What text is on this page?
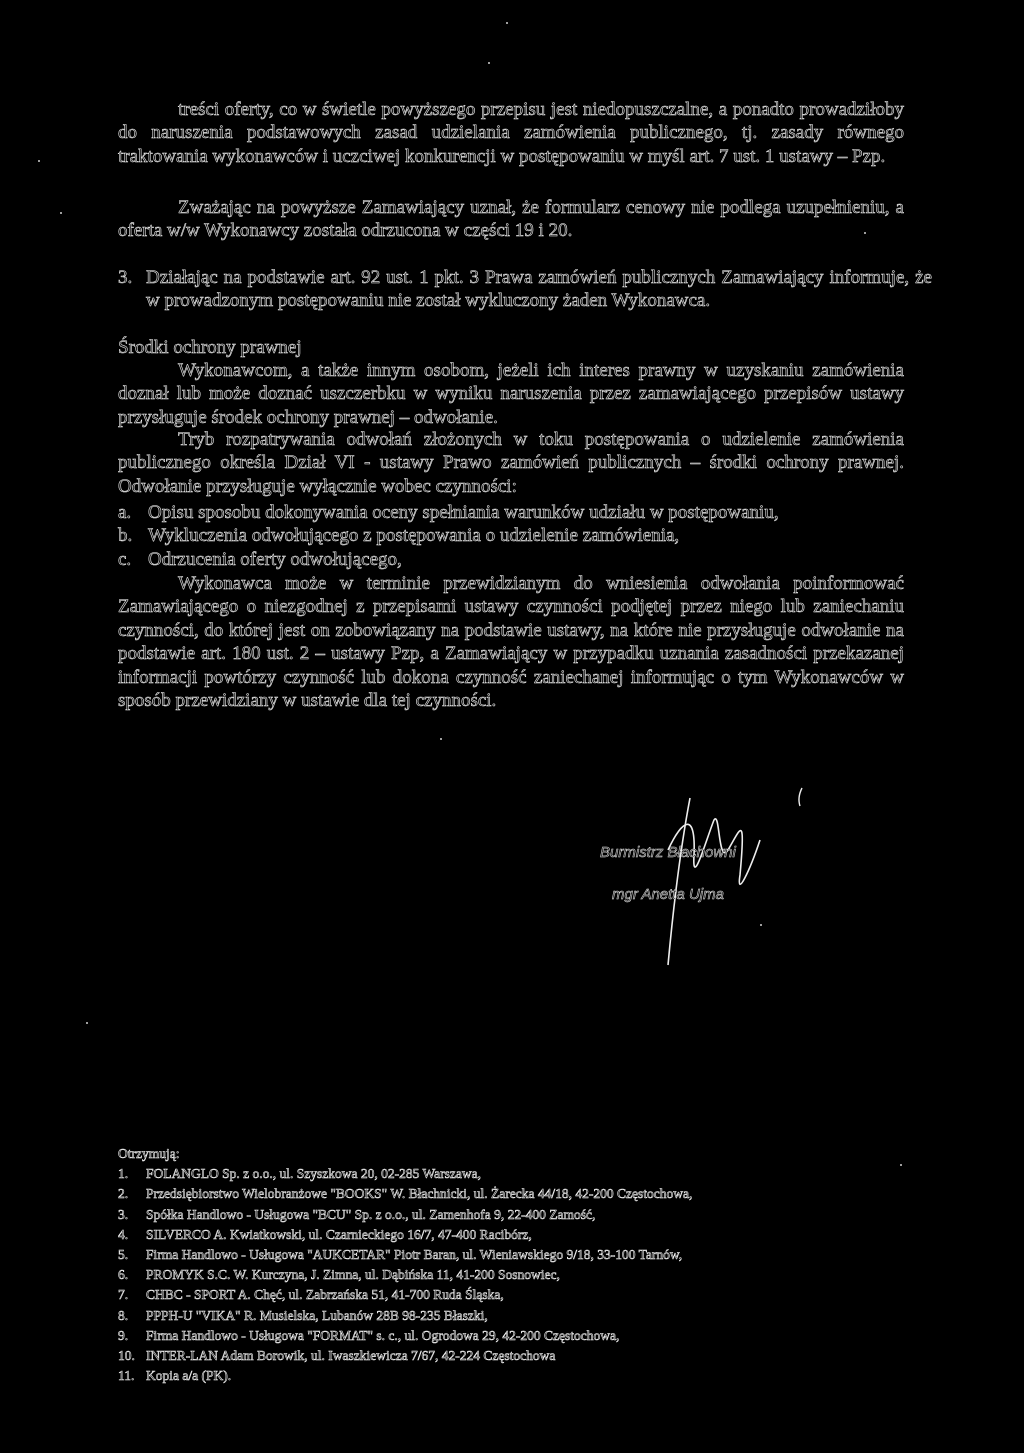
treści oferty, co w świetle powyższego przepisu jest niedopuszczalne, a ponadto prowadziłoby do naruszenia podstawowych zasad udzielania zamówienia publicznego, tj. zasady równego traktowania wykonawców i uczciwej konkurencji w postępowaniu w myśl art. 7 ust. 1 ustawy – Pzp.
Zważając na powyższe Zamawiający uznał, że formularz cenowy nie podlega uzupełnieniu, a oferta w/w Wykonawcy została odrzucona w części 19 i 20.
3. Działając na podstawie art. 92 ust. 1 pkt. 3 Prawa zamówień publicznych Zamawiający informuje, że w prowadzonym postępowaniu nie został wykluczony żaden Wykonawca.
Środki ochrony prawnej
Wykonawcom, a także innym osobom, jeżeli ich interes prawny w uzyskaniu zamówienia doznał lub może doznać uszczerbku w wyniku naruszenia przez zamawiającego przepisów ustawy przysługuje środek ochrony prawnej – odwołanie.
Tryb rozpatrywania odwołań złożonych w toku postępowania o udzielenie zamówienia publicznego określa Dział VI - ustawy Prawo zamówień publicznych – środki ochrony prawnej. Odwołanie przysługuje wyłącznie wobec czynności:
a. Opisu sposobu dokonywania oceny spełniania warunków udziału w postępowaniu,
b. Wykluczenia odwołującego z postępowania o udzielenie zamówienia,
c. Odrzucenia oferty odwołującego,
Wykonawca może w terminie przewidzianym do wniesienia odwołania poinformować Zamawiającego o niezgodnej z przepisami ustawy czynności podjętej przez niego lub zaniechaniu czynności, do której jest on zobowiązany na podstawie ustawy, na które nie przysługuje odwołanie na podstawie art. 180 ust. 2 – ustawy Pzp, a Zamawiający w przypadku uznania zasadności przekazanej informacji powtórzy czynność lub dokona czynność zaniechanej informując o tym Wykonawców w sposób przewidziany w ustawie dla tej czynności.
Burmistrz Błachowni
mgr Anetta Ujma
Otrzymują:
1.	FOLANGLO Sp. z o.o., ul. Szyszkowa 20, 02-285 Warszawa,
2.	Przedsiębiorstwo Wielobranżowe "BOOKS" W. Błachnicki, ul. Żarecka 44/18, 42-200 Częstochowa,
3.	Spółka Handlowo - Usługowa "BCU" Sp. z o.o., ul. Zamenhofa 9, 22-400 Zamość,
4.	SILVERCO A. Kwiatkowski, ul. Czarnieckiego 16/7, 47-400 Racibórz,
5.	Firma Handlowo - Usługowa "AUKCETAR" Piotr Baran, ul. Wieniawskiego 9/18, 33-100 Tarnów,
6.	PROMYK S.C. W. Kurczyna, J. Zimna, ul. Dąbińska 11, 41-200 Sosnowiec,
7.	CHBC - SPORT A. Chęć, ul. Zabrzańska 51, 41-700 Ruda Śląska,
8.	PPPH-U "VIKA" R. Musielska, Lubanów 28B 98-235 Błaszki,
9.	Firma Handlowo - Usługowa "FORMAT" s. c., ul. Ogrodowa 29, 42-200 Częstochowa,
10. INTER-LAN Adam Borowik, ul. Iwaszkiewicza 7/67, 42-224 Częstochowa
11. Kopia a/a (PK).
